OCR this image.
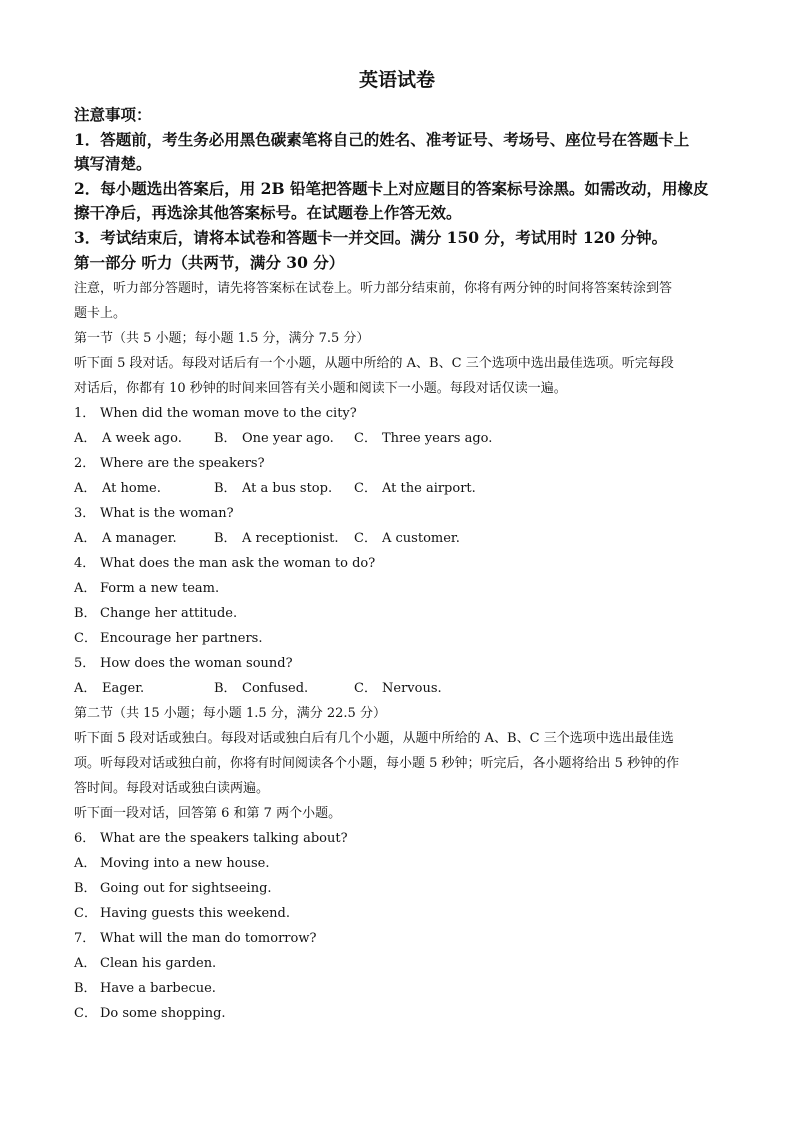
英语试卷
注意事项：
1．答题前，考生务必用黑色碳素笔将自己的姓名、准考证号、考场号、座位号在答题卡上
填写清楚。
2．每小题选出答案后，用 2B 铅笔把答题卡上对应题目的答案标号涂黑。如需改动，用橡皮
擦干净后，再选涂其他答案标号。在试题卷上作答无效。
3．考试结束后，请将本试卷和答题卡一并交回。满分 150 分，考试用时 120 分钟。
第一部分 听力（共两节，满分 30 分）
注意，听力部分答题时，请先将答案标在试卷上。听力部分结束前，你将有两分钟的时间将答案转涂到答
题卡上。
第一节（共 5 小题；每小题 1.5 分，满分 7.5 分）
听下面 5 段对话。每段对话后有一个小题，从题中所给的 A、B、C 三个选项中选出最佳选项。听完每段
对话后，你都有 10 秒钟的时间来回答有关小题和阅读下一小题。每段对话仅读一遍。
1． When did the woman move to the city?
A． A week ago. B． One year ago. C． Three years ago.
2． Where are the speakers?
A． At home.	B． At a bus stop. C． At the airport.
3． What is the woman?
A． A manager.	B． A receptionist. C． A customer.
4． What does the man ask the woman to do?
A． Form a new team.
B． Change her attitude.
C． Encourage her partners.
5． How does the woman sound?
A． Eager.	B． Confused.	C． Nervous.
第二节（共 15 小题；每小题 1.5 分，满分 22.5 分）
听下面 5 段对话或独白。每段对话或独白后有几个小题，从题中所给的 A、B、C 三个选项中选出最佳选
项。听每段对话或独白前，你将有时间阅读各个小题，每小题 5 秒钟；听完后，各小题将给出 5 秒钟的作
答时间。每段对话或独白读两遍。
听下面一段对话，回答第 6 和第 7 两个小题。
6． What are the speakers talking about?
A． Moving into a new house.
B． Going out for sightseeing.
C． Having guests this weekend.
7． What will the man do tomorrow?
A． Clean his garden.
B． Have a barbecue.
C． Do some shopping.
